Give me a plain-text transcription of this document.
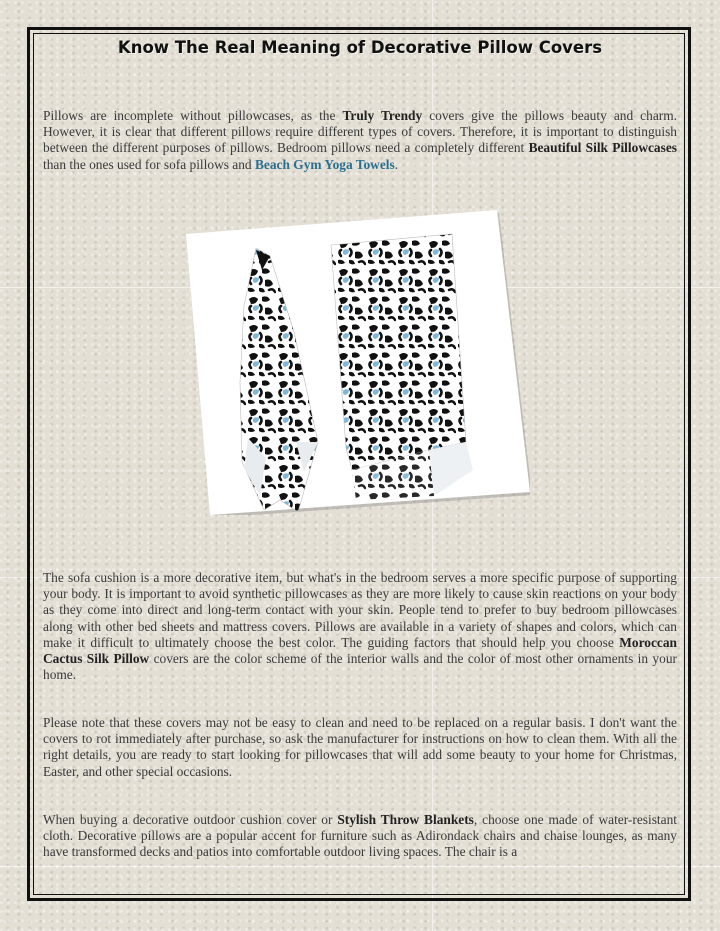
Know The Real Meaning of Decorative Pillow Covers

Pillows are incomplete without pillowcases, as the Truly Trendy covers give the pillows beauty and charm. However, it is clear that different pillows require different types of covers. Therefore, it is important to distinguish between the different purposes of pillows. Bedroom pillows need a completely different Beautiful Silk Pillowcases than the ones used for sofa pillows and Beach Gym Yoga Towels.

The sofa cushion is a more decorative item, but what's in the bedroom serves a more specific purpose of supporting your body. It is important to avoid synthetic pillowcases as they are more likely to cause skin reactions on your body as they come into direct and long-term contact with your skin. People tend to prefer to buy bedroom pillowcases along with other bed sheets and mattress covers. Pillows are available in a variety of shapes and colors, which can make it difficult to ultimately choose the best color. The guiding factors that should help you choose Moroccan Cactus Silk Pillow covers are the color scheme of the interior walls and the color of most other ornaments in your home.

Please note that these covers may not be easy to clean and need to be replaced on a regular basis. I don't want the covers to rot immediately after purchase, so ask the manufacturer for instructions on how to clean them. With all the right details, you are ready to start looking for pillowcases that will add some beauty to your home for Christmas, Easter, and other special occasions.

When buying a decorative outdoor cushion cover or Stylish Throw Blankets, choose one made of water-resistant cloth. Decorative pillows are a popular accent for furniture such as Adirondack chairs and chaise lounges, as many have transformed decks and patios into comfortable outdoor living spaces. The chair is a
